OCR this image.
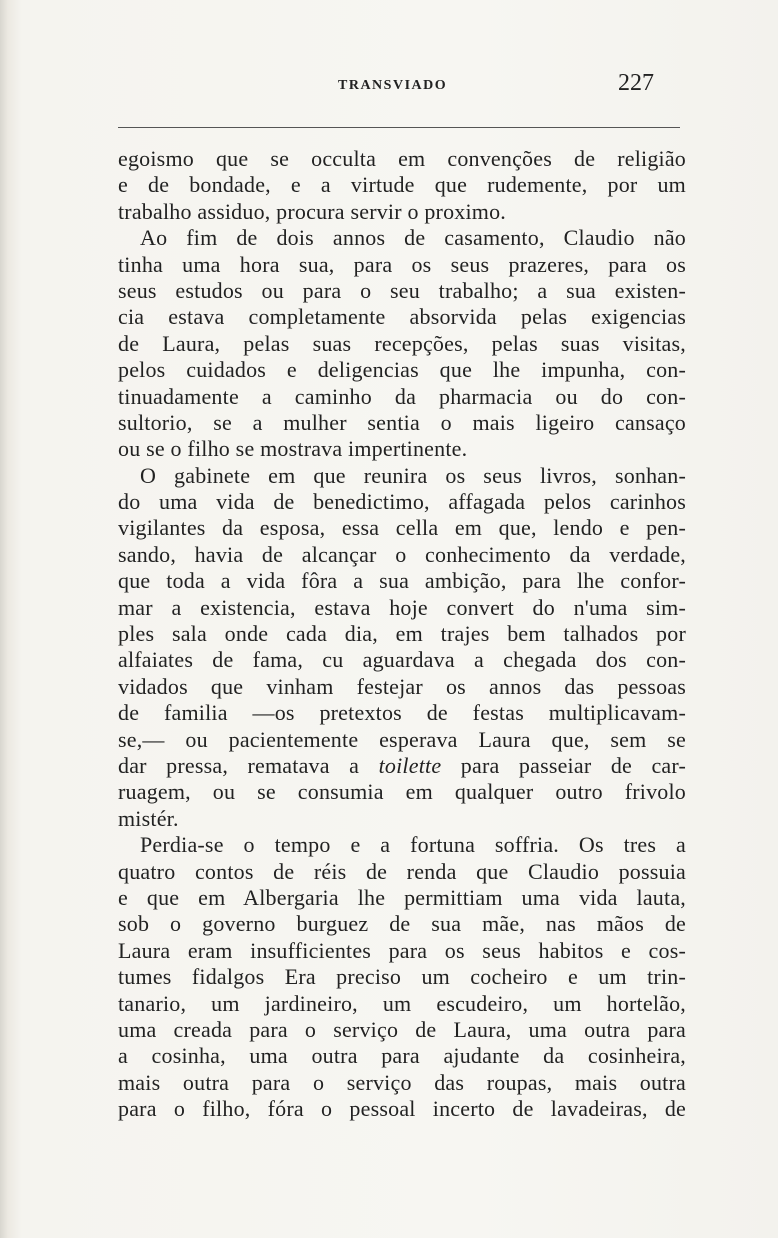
TRANSVIADO	227
egoismo que se occulta em convenções de religião
e de bondade, e a virtude que rudemente, por um
trabalho assiduo, procura servir o proximo.
Ao fim de dois annos de casamento, Claudio não
tinha uma hora sua, para os seus prazeres, para os
seus estudos ou para o seu trabalho; a sua existen-
cia estava completamente absorvida pelas exigencias
de Laura, pelas suas recepções, pelas suas visitas,
pelos cuidados e deligencias que lhe impunha, con-
tinuadamente a caminho da pharmacia ou do con-
sultorio, se a mulher sentia o mais ligeiro cansaço
ou se o filho se mostrava impertinente.
O gabinete em que reunira os seus livros, sonhan-
do uma vida de benedictimo, affagada pelos carinhos
vigilantes da esposa, essa cella em que, lendo e pen-
sando, havia de alcançar o conhecimento da verdade,
que toda a vida fôra a sua ambição, para lhe confor-
mar a existencia, estava hoje convert do n'uma sim-
ples sala onde cada dia, em trajes bem talhados por
alfaiates de fama, cu aguardava a chegada dos con-
vidados que vinham festejar os annos das pessoas
de familia —os pretextos de festas multiplicavam-
se,— ou pacientemente esperava Laura que, sem se
dar pressa, rematava a toilette para passeiar de car-
ruagem, ou se consumia em qualquer outro frivolo
mistér.
Perdia-se o tempo e a fortuna soffria. Os tres a
quatro contos de réis de renda que Claudio possuia
e que em Albergaria lhe permittiam uma vida lauta,
sob o governo burguez de sua mãe, nas mãos de
Laura eram insufficientes para os seus habitos e cos-
tumes fidalgos Era preciso um cocheiro e um trin-
tanario, um jardineiro, um escudeiro, um hortelão,
uma creada para o serviço de Laura, uma outra para
a cosinha, uma outra para ajudante da cosinheira,
mais outra para o serviço das roupas, mais outra
para o filho, fóra o pessoal incerto de lavadeiras, de
